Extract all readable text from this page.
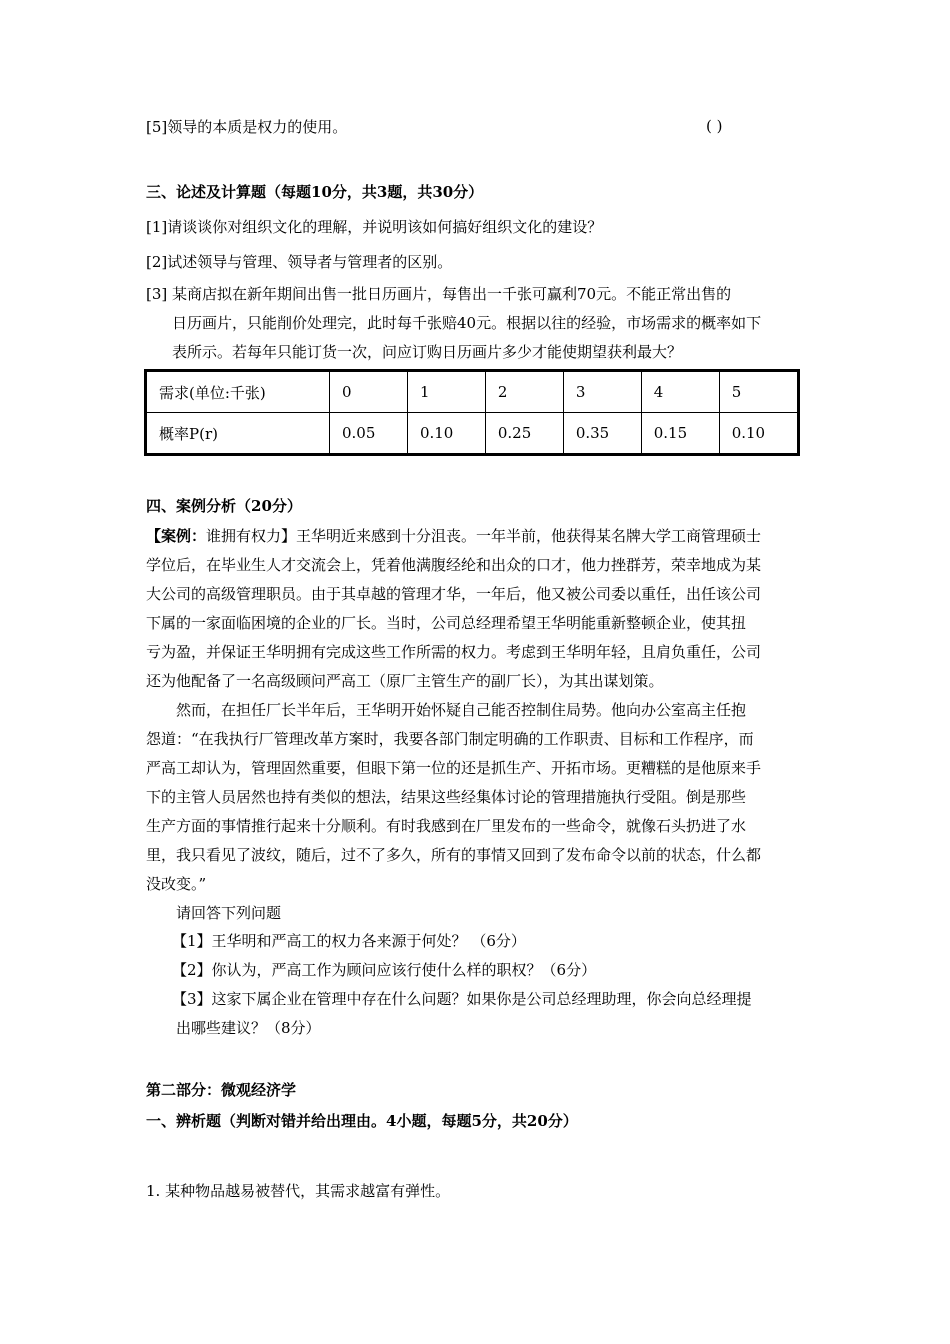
[5]领导的本质是权力的使用。	( )
三、论述及计算题（每题10分，共3题，共30分）
[1]请谈谈你对组织文化的理解，并说明该如何搞好组织文化的建设？
[2]试述领导与管理、领导者与管理者的区别。
[3] 某商店拟在新年期间出售一批日历画片，每售出一千张可赢利70元。不能正常出售的
日历画片，只能削价处理完，此时每千张赔40元。根据以往的经验，市场需求的概率如下
表所示。若每年只能订货一次，问应订购日历画片多少才能使期望获利最大？
需求(单位:千张)	0	1	2	3	4	5
概率P(r)	0.05	0.10	0.25	0.35	0.15	0.10
四、案例分析（20分）
【案例：谁拥有权力】王华明近来感到十分沮丧。一年半前，他获得某名牌大学工商管理硕士
学位后，在毕业生人才交流会上，凭着他满腹经纶和出众的口才，他力挫群芳，荣幸地成为某
大公司的高级管理职员。由于其卓越的管理才华，一年后，他又被公司委以重任，出任该公司
下属的一家面临困境的企业的厂长。当时，公司总经理希望王华明能重新整顿企业，使其扭
亏为盈，并保证王华明拥有完成这些工作所需的权力。考虑到王华明年轻，且肩负重任，公司
还为他配备了一名高级顾问严高工（原厂主管生产的副厂长），为其出谋划策。
然而，在担任厂长半年后，王华明开始怀疑自己能否控制住局势。他向办公室高主任抱
怨道：“在我执行厂管理改革方案时，我要各部门制定明确的工作职责、目标和工作程序，而
严高工却认为，管理固然重要，但眼下第一位的还是抓生产、开拓市场。更糟糕的是他原来手
下的主管人员居然也持有类似的想法，结果这些经集体讨论的管理措施执行受阻。倒是那些
生产方面的事情推行起来十分顺利。有时我感到在厂里发布的一些命令，就像石头扔进了水
里，我只看见了波纹，随后，过不了多久，所有的事情又回到了发布命令以前的状态，什么都
没改变。”
请回答下列问题
【1】王华明和严高工的权力各来源于何处？ （6分）
【2】你认为，严高工作为顾问应该行使什么样的职权？（6分）
【3】这家下属企业在管理中存在什么问题？如果你是公司总经理助理，你会向总经理提
出哪些建议？（8分）
第二部分：微观经济学
一、辨析题（判断对错并给出理由。4小题，每题5分，共20分）
1. 某种物品越易被替代，其需求越富有弹性。
